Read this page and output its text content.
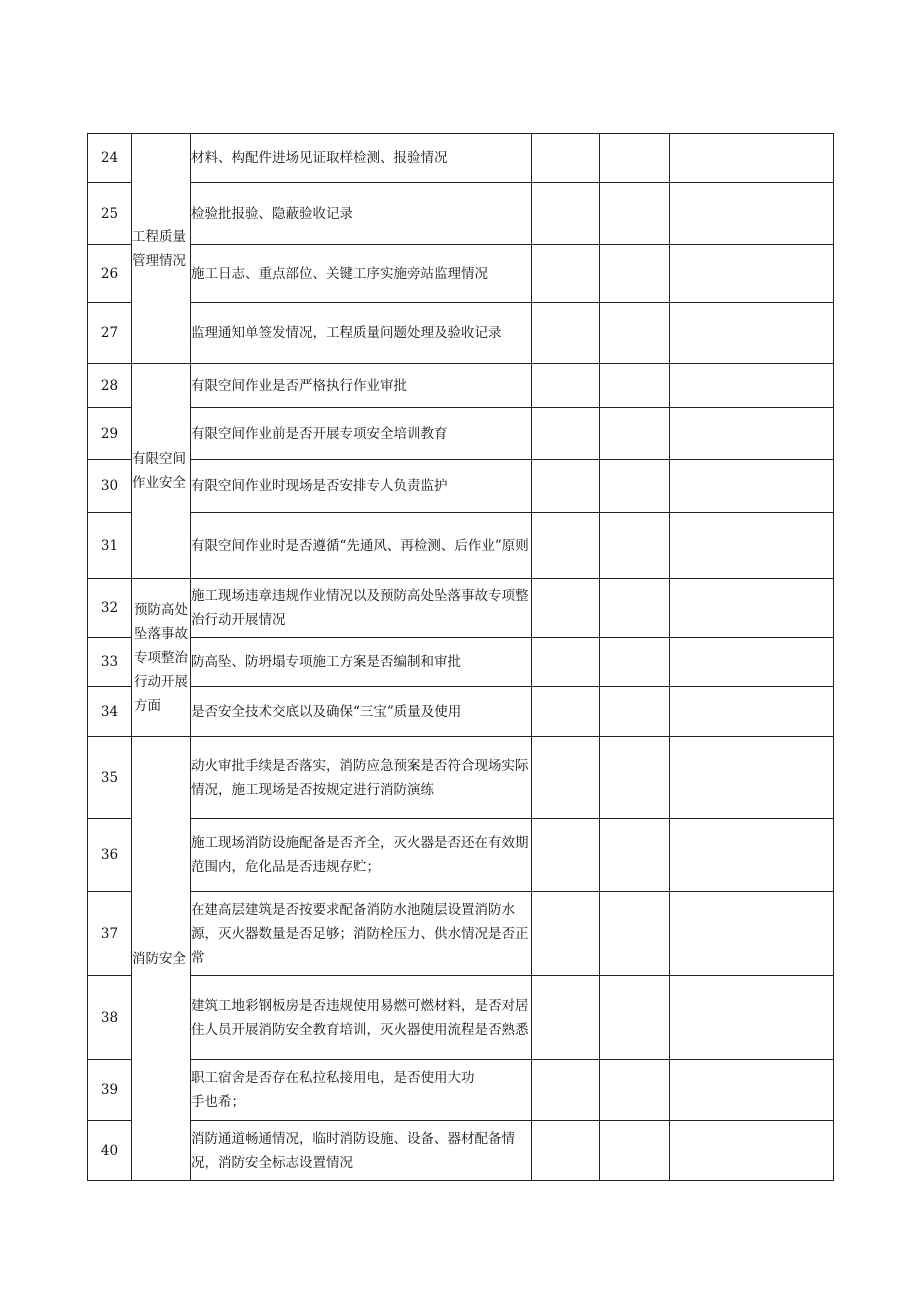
24	工程质量管理情况	材料、构配件进场见证取样检测、报验情况			
25		检验批报验、隐蔽验收记录			
26		施工日志、重点部位、关键工序实施旁站监理情况			
27		监理通知单签发情况，工程质量问题处理及验收记录			
28	有限空间作业安全	有限空间作业是否严格执行作业审批			
29		有限空间作业前是否开展专项安全培训教育			
30		有限空间作业时现场是否安排专人负责监护			
31		有限空间作业时是否遵循“先通风、再检测、后作业”原则			
32	预防高处坠落事故专项整治行动开展方面	施工现场违章违规作业情况以及预防高处坠落事故专项整治行动开展情况			
33		防高坠、防坍塌专项施工方案是否编制和审批			
34		是否安全技术交底以及确保“三宝”质量及使用			
35	消防安全	动火审批手续是否落实，消防应急预案是否符合现场实际情况，施工现场是否按规定进行消防演练			
36		施工现场消防设施配备是否齐全，灭火器是否还在有效期范围内，危化品是否违规存贮；			
37		在建高层建筑是否按要求配备消防水池随层设置消防水源，灭火器数量是否足够；消防栓压力、供水情况是否正常			
38		建筑工地彩钢板房是否违规使用易燃可燃材料，是否对居住人员开展消防安全教育培训，灭火器使用流程是否熟悉			
39		职工宿舍是否存在私拉私接用电，是否使用大功
手也希；			
40		消防通道畅通情况，临时消防设施、设备、器材配备情况，消防安全标志设置情况			
